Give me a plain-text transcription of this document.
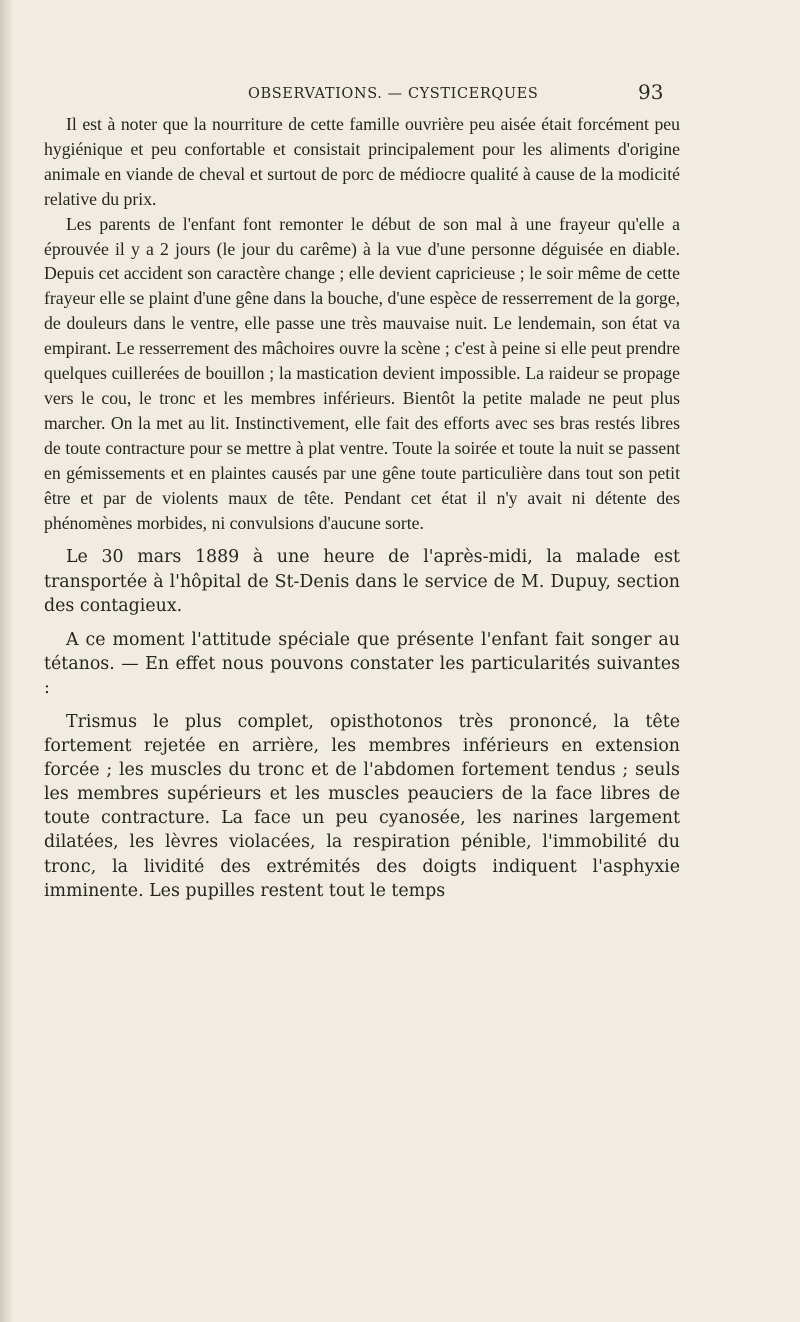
OBSERVATIONS. — CYSTICERQUES	93

Il est à noter que la nourriture de cette famille ouvrière peu aisée était forcément peu hygiénique et peu confortable et consistait principalement pour les aliments d'origine animale en viande de cheval et surtout de porc de médiocre qualité à cause de la modicité relative du prix.

Les parents de l'enfant font remonter le début de son mal à une frayeur qu'elle a éprouvée il y a 2 jours (le jour du carême) à la vue d'une personne déguisée en diable. Depuis cet accident son caractère change ; elle devient capricieuse ; le soir même de cette frayeur elle se plaint d'une gêne dans la bouche, d'une espèce de resserrement de la gorge, de douleurs dans le ventre, elle passe une très mauvaise nuit. Le lendemain, son état va empirant. Le resserrement des mâchoires ouvre la scène ; c'est à peine si elle peut prendre quelques cuillerées de bouillon ; la mastication devient impossible. La raideur se propage vers le cou, le tronc et les membres inférieurs. Bientôt la petite malade ne peut plus marcher. On la met au lit. Instinctivement, elle fait des efforts avec ses bras restés libres de toute contracture pour se mettre à plat ventre. Toute la soirée et toute la nuit se passent en gémissements et en plaintes causés par une gêne toute particulière dans tout son petit être et par de violents maux de tête. Pendant cet état il n'y avait ni détente des phénomènes morbides, ni convulsions d'aucune sorte.

Le 30 mars 1889 à une heure de l'après-midi, la malade est transportée à l'hôpital de St-Denis dans le service de M. Dupuy, section des contagieux.

A ce moment l'attitude spéciale que présente l'enfant fait songer au tétanos. — En effet nous pouvons constater les particularités suivantes :

Trismus le plus complet, opisthotonos très prononcé, la tête fortement rejetée en arrière, les membres inférieurs en extension forcée ; les muscles du tronc et de l'abdomen fortement tendus ; seuls les membres supérieurs et les muscles peauciers de la face libres de toute contracture. La face un peu cyanosée, les narines largement dilatées, les lèvres violacées, la respiration pénible, l'immobilité du tronc, la lividité des extrémités des doigts indiquent l'asphyxie imminente. Les pupilles restent tout le temps
